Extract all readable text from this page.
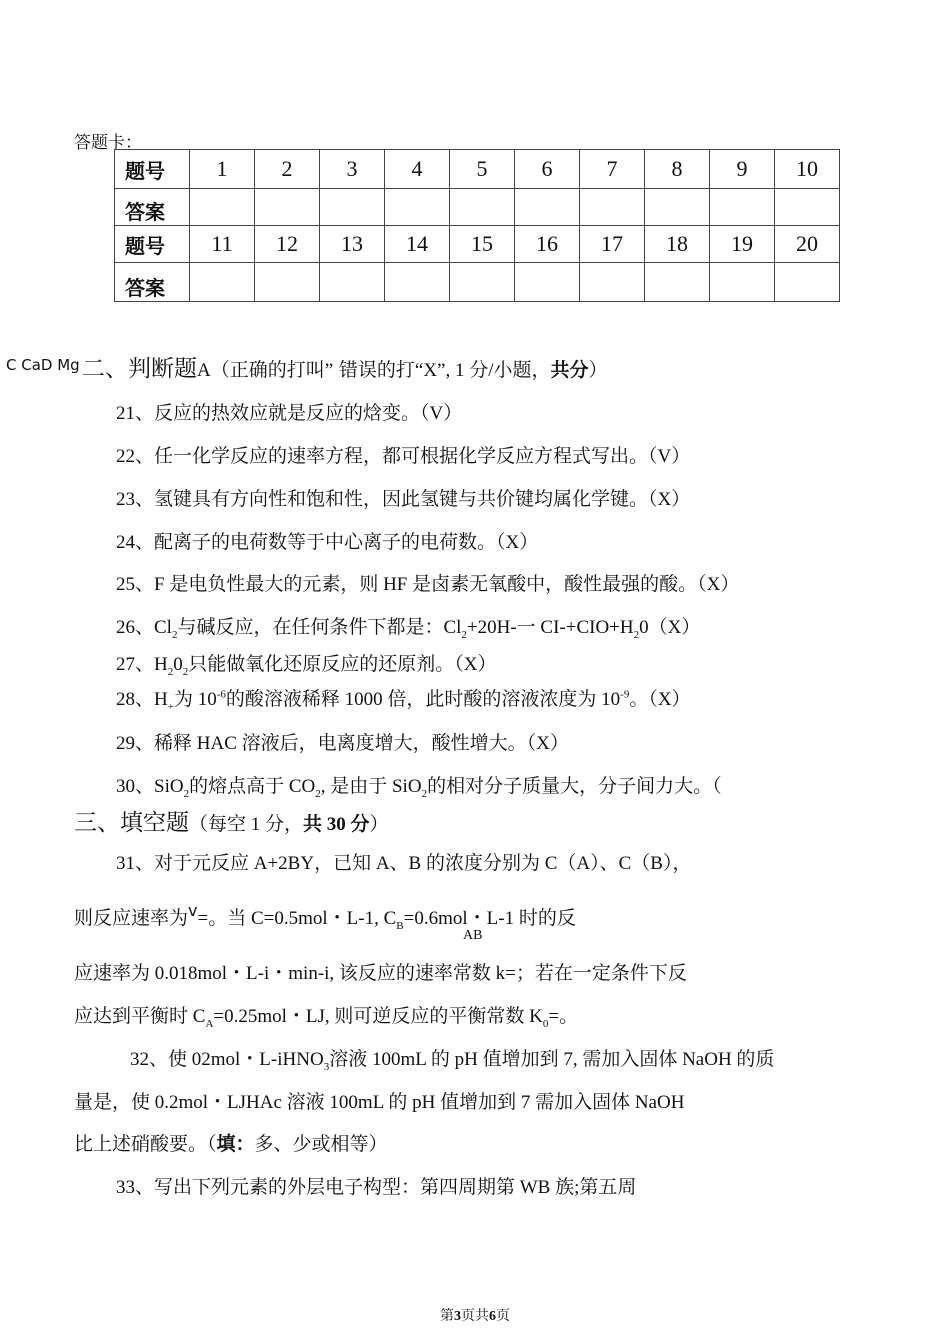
答题卡：
题号	1	2	3	4	5	6	7	8	9	10
答案										
题号	11	12	13	14	15	16	17	18	19	20
答案										
C CaD Mg 二、判断题A（正确的打叫” 错误的打“X”, 1 分/小题，共分）
21、反应的热效应就是反应的焓变。（V）
22、任一化学反应的速率方程，都可根据化学反应方程式写出。（V）
23、氢键具有方向性和饱和性，因此氢键与共价键均属化学键。（X）
24、配离子的电荷数等于中心离子的电荷数。（X）
25、F 是电负性最大的元素，则 HF 是卤素无氧酸中，酸性最强的酸。（X）
26、$Cl_2$与碱反应，在任何条件下都是：$Cl_2+20H-$一 $CI-+CIO+H_20(X)$
27、$H_20_2$只能做氧化还原反应的还原剂。（X）
28、$H_+$为 $10^{-6}$的酸溶液稀释 1000 倍，此时酸的溶液浓度为 $10^{-9}$。（X）
29、稀释 HAC 溶液后，电离度增大，酸性增大。（X）
30、SiO$_2$的熔点高于 $CO_2$, 是由于 SiO$_2$的相对分子质量大，分子间力大。（
三、填空题（每空 1 分，共 30 分）
31、对于元反应 A+2BY，已知 A、B 的浓度分别为 C（A）、C（B），
则反应速率为$^v$=。当 C=0.5mol・L-1, $C_B=0.6mol$・L-1 时的反
AB
应速率为 0.018mol・L-i・min-i, 该反应的速率常数 k=；若在一定条件下反
应达到平衡时 $C_A=0.25mol$・LJ, 则可逆反应的平衡常数 $K_0=$。
32、使 02mol・L-iHNO$_3$溶液 100mL 的 pH 值增加到 7, 需加入固体 NaOH 的质
量是，使 0.2mol・LJHAc 溶液 100mL 的 pH 值增加到 7 需加入固体 NaOH
比上述硝酸要。（填：多、少或相等）
33、写出下列元素的外层电子构型：第四周期第 WB 族;第五周
第3页共6页
